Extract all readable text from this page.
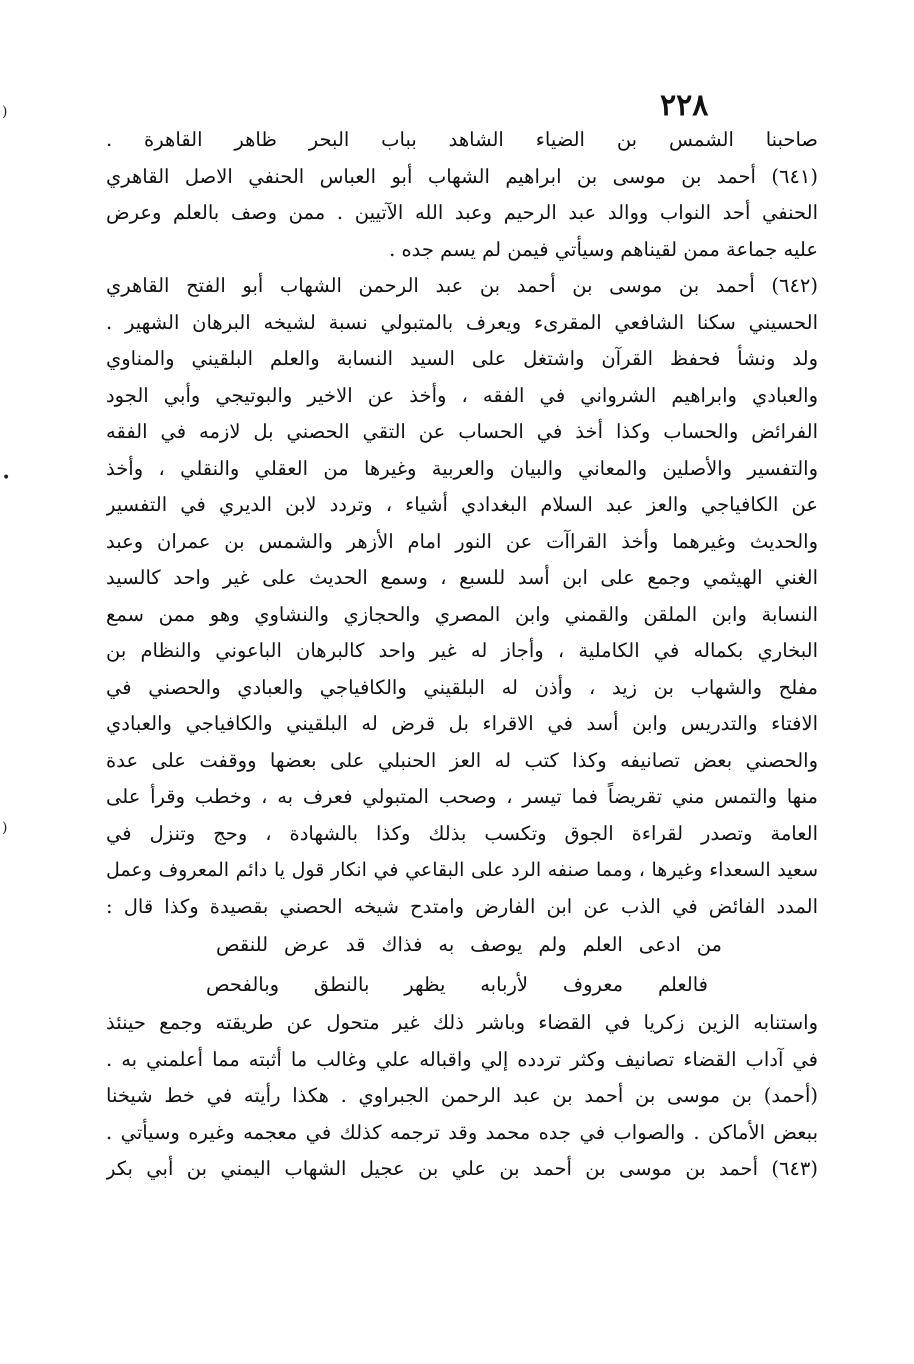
)
•
)
٢٢٨
صاحبنا الشمس بن الضياء الشاهد بباب البحر ظاهر القاهرة .
(٦٤١) أحمد بن موسى بن ابراهيم الشهاب أبو العباس الحنفي الاصل القاهري
الحنفي أحد النواب ووالد عبد الرحيم وعبد الله الآتيين . ممن وصف بالعلم وعرض
عليه جماعة ممن لقيناهم وسيأتي فيمن لم يسم جده .
(٦٤٢) أحمد بن موسى بن أحمد بن عبد الرحمن الشهاب أبو الفتح القاهري
الحسيني سكنا الشافعي المقرىء ويعرف بالمتبولي نسبة لشيخه البرهان الشهير .
ولد ونشأ فحفظ القرآن واشتغل على السيد النسابة والعلم البلقيني والمناوي
والعبادي وابراهيم الشرواني في الفقه ، وأخذ عن الاخير والبوتيجي وأبي الجود
الفرائض والحساب وكذا أخذ في الحساب عن التقي الحصني بل لازمه في الفقه
والتفسير والأصلين والمعاني والبيان والعربية وغيرها من العقلي والنقلي ، وأخذ
عن الكافياجي والعز عبد السلام البغدادي أشياء ، وتردد لابن الديري في التفسير
والحديث وغيرهما وأخذ القراآت عن النور امام الأزهر والشمس بن عمران وعبد
الغني الهيثمي وجمع على ابن أسد للسبع ، وسمع الحديث على غير واحد كالسيد
النسابة وابن الملقن والقمني وابن المصري والحجازي والنشاوي وهو ممن سمع
البخاري بكماله في الكاملية ، وأجاز له غير واحد كالبرهان الباعوني والنظام بن
مفلح والشهاب بن زيد ، وأذن له البلقيني والكافياجي والعبادي والحصني في
الافتاء والتدريس وابن أسد في الاقراء بل قرض له البلقيني والكافياجي والعبادي
والحصني بعض تصانيفه وكذا كتب له العز الحنبلي على بعضها ووقفت على عدة
منها والتمس مني تقريضاً فما تيسر ، وصحب المتبولي فعرف به ، وخطب وقرأ على
العامة وتصدر لقراءة الجوق وتكسب بذلك وكذا بالشهادة ، وحج وتنزل في
سعيد السعداء وغيرها ، ومما صنفه الرد على البقاعي في انكار قول يا دائم المعروف وعمل
المدد الفائض في الذب عن ابن الفارض وامتدح شيخه الحصني بقصيدة وكذا قال :
من ادعى العلم ولم يوصف به فذاك قد عرض للنقص
فالعلم معروف لأربابه يظهر بالنطق وبالفحص
واستنابه الزين زكريا في القضاء وباشر ذلك غير متحول عن طريقته وجمع حينئذ
في آداب القضاء تصانيف وكثر تردده إلي واقباله علي وغالب ما أثبته مما أعلمني به .
(أحمد) بن موسى بن أحمد بن عبد الرحمن الجبراوي . هكذا رأيته في خط شيخنا
ببعض الأماكن . والصواب في جده محمد وقد ترجمه كذلك في معجمه وغيره وسيأتي .
(٦٤٣) أحمد بن موسى بن أحمد بن علي بن عجيل الشهاب اليمني بن أبي بكر
